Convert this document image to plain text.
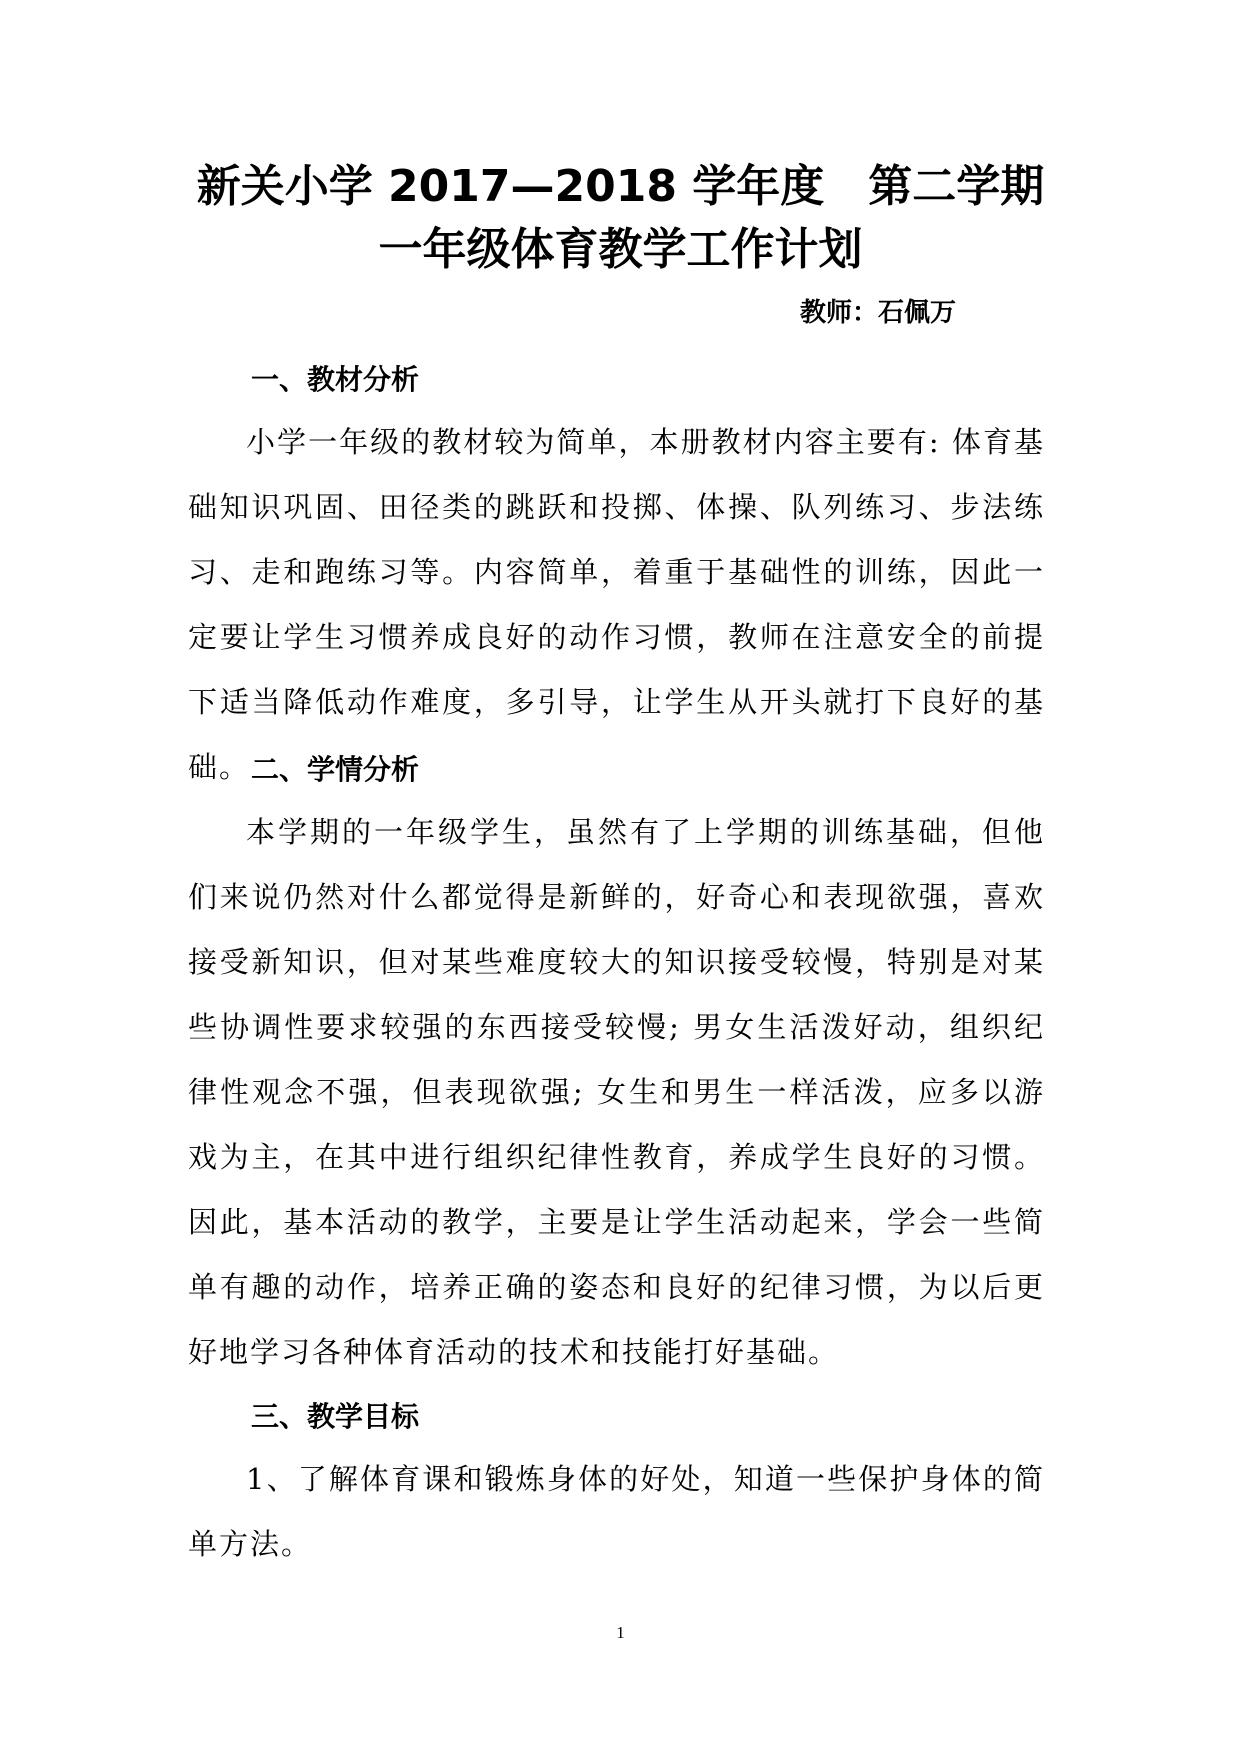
新关小学 2017—2018 学年度　第二学期
一年级体育教学工作计划
教师：石佩万
一、教材分析

小学一年级的教材较为简单，本册教材内容主要有: 体育基础知识巩固、田径类的跳跃和投掷、体操、队列练习、步法练习、走和跑练习等。内容简单，着重于基础性的训练，因此一定要让学生习惯养成良好的动作习惯，教师在注意安全的前提下适当降低动作难度，多引导，让学生从开头就打下良好的基础。 二、学情分析

本学期的一年级学生，虽然有了上学期的训练基础，但他们来说仍然对什么都觉得是新鲜的，好奇心和表现欲强，喜欢接受新知识，但对某些难度较大的知识接受较慢，特别是对某些协调性要求较强的东西接受较慢; 男女生活泼好动，组织纪律性观念不强，但表现欲强; 女生和男生一样活泼，应多以游戏为主，在其中进行组织纪律性教育，养成学生良好的习惯。因此，基本活动的教学，主要是让学生活动起来，学会一些简单有趣的动作，培养正确的姿态和良好的纪律习惯，为以后更好地学习各种体育活动的技术和技能打好基础。

三、教学目标

1、了解体育课和锻炼身体的好处，知道一些保护身体的简单方法。

1
